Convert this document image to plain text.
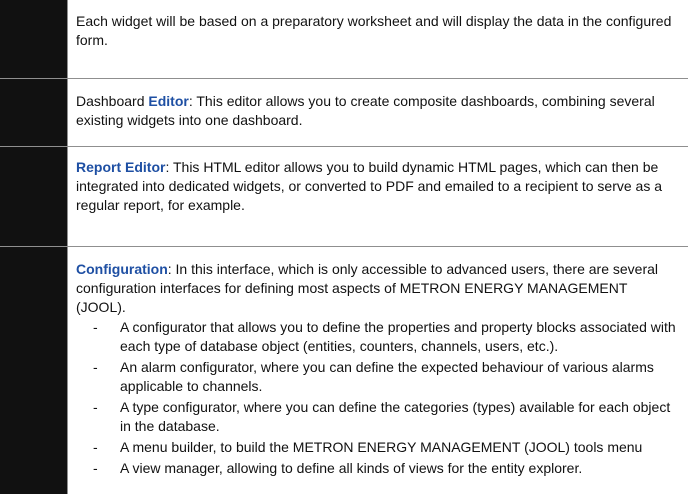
Each widget will be based on a preparatory worksheet and will display the data in the configured form.
Dashboard Editor: This editor allows you to create composite dashboards, combining several existing widgets into one dashboard.
Report Editor: This HTML editor allows you to build dynamic HTML pages, which can then be integrated into dedicated widgets, or converted to PDF and emailed to a recipient to serve as a regular report, for example.
Configuration: In this interface, which is only accessible to advanced users, there are several configuration interfaces for defining most aspects of METRON ENERGY MANAGEMENT (JOOL).
- A configurator that allows you to define the properties and property blocks associated with each type of database object (entities, counters, channels, users, etc.).
- An alarm configurator, where you can define the expected behaviour of various alarms applicable to channels.
- A type configurator, where you can define the categories (types) available for each object in the database.
- A menu builder, to build the METRON ENERGY MANAGEMENT (JOOL) tools menu
- A view manager, allowing to define all kinds of views for the entity explorer.
